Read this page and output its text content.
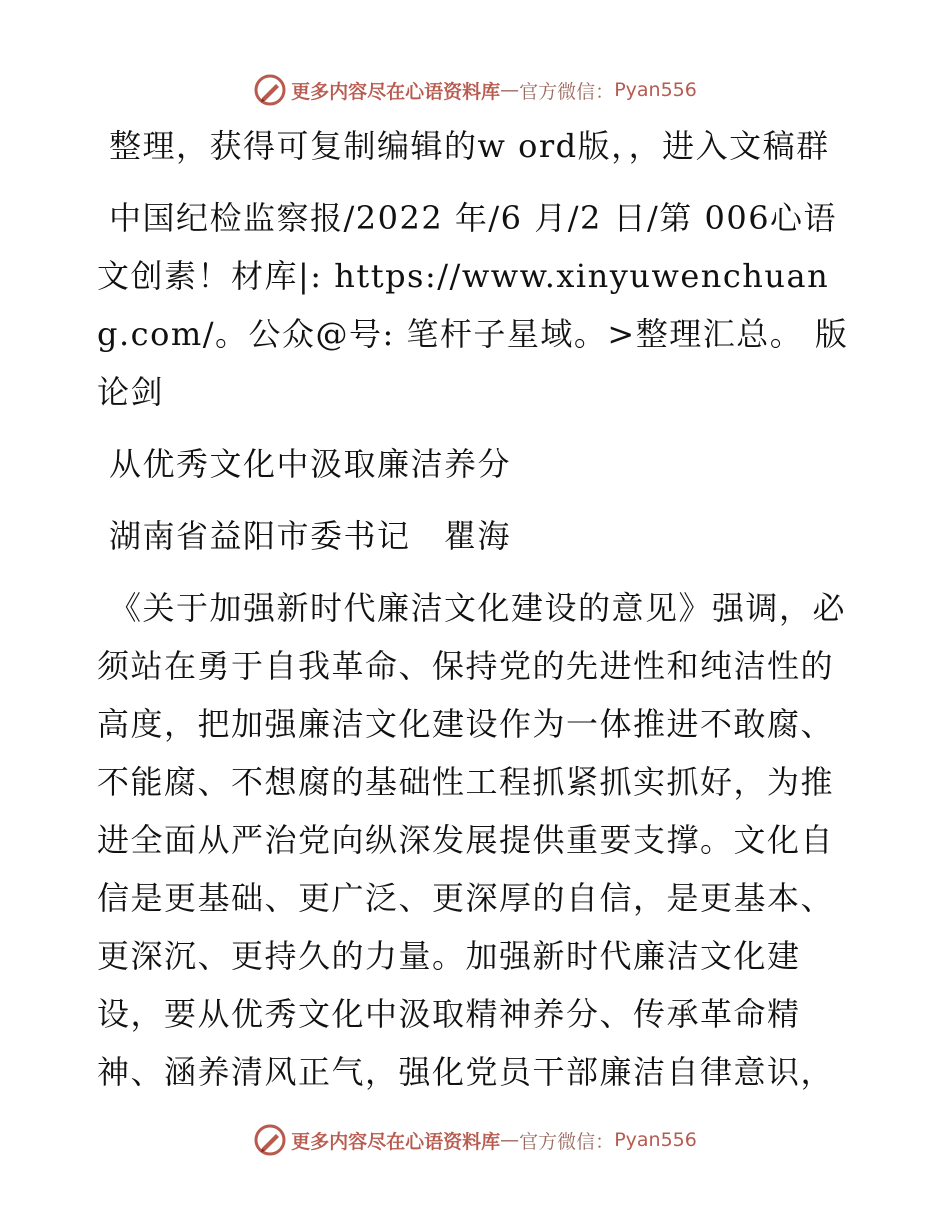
更多内容尽在心语资料库 — 官方微信： Pyan556

整理，获得可复制编辑的w ord版，，进入文稿群

中国纪检监察报/2022 年/6 月/2 日/第 006心语文创素！材库|: https://www.xinyuwenchuang.com/。公众@号: 笔杆子星域。>整理汇总。 版论剑

从优秀文化中汲取廉洁养分

湖南省益阳市委书记　瞿海

《关于加强新时代廉洁文化建设的意见》强调，必须站在勇于自我革命、保持党的先进性和纯洁性的高度，把加强廉洁文化建设作为一体推进不敢腐、不能腐、不想腐的基础性工程抓紧抓实抓好，为推进全面从严治党向纵深发展提供重要支撑。文化自信是更基础、更广泛、更深厚的自信，是更基本、更深沉、更持久的力量。加强新时代廉洁文化建设，要从优秀文化中汲取精神养分、传承革命精神、涵养清风正气，强化党员干部廉洁自律意识，

更多内容尽在心语资料库 — 官方微信： Pyan556
